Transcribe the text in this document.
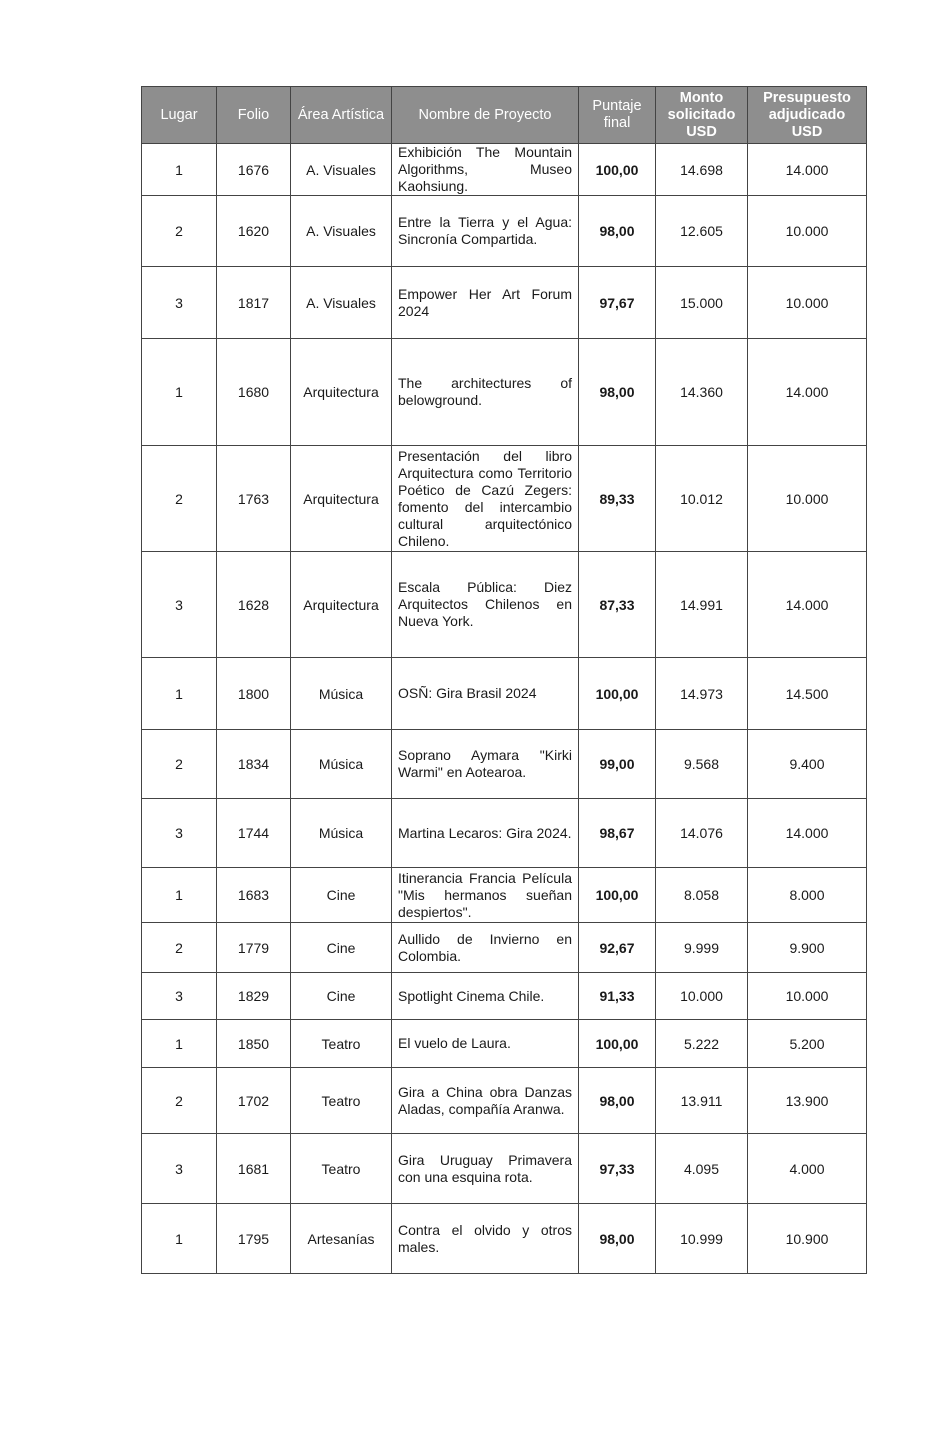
Lugar	Folio	Área Artística	Nombre de Proyecto	Puntaje final	Monto solicitado USD	Presupuesto adjudicado USD
1	1676	A. Visuales	Exhibición The Mountain Algorithms, Museo Kaohsiung.	100,00	14.698	14.000
2	1620	A. Visuales	Entre la Tierra y el Agua: Sincronía Compartida.	98,00	12.605	10.000
3	1817	A. Visuales	Empower Her Art Forum 2024	97,67	15.000	10.000
1	1680	Arquitectura	The architectures of belowground.	98,00	14.360	14.000
2	1763	Arquitectura	Presentación del libro Arquitectura como Territorio Poético de Cazú Zegers: fomento del intercambio cultural arquitectónico Chileno.	89,33	10.012	10.000
3	1628	Arquitectura	Escala Pública: Diez Arquitectos Chilenos en Nueva York.	87,33	14.991	14.000
1	1800	Música	OSÑ: Gira Brasil 2024	100,00	14.973	14.500
2	1834	Música	Soprano Aymara "Kirki Warmi" en Aotearoa.	99,00	9.568	9.400
3	1744	Música	Martina Lecaros: Gira 2024.	98,67	14.076	14.000
1	1683	Cine	Itinerancia Francia Película "Mis hermanos sueñan despiertos".	100,00	8.058	8.000
2	1779	Cine	Aullido de Invierno en Colombia.	92,67	9.999	9.900
3	1829	Cine	Spotlight Cinema Chile.	91,33	10.000	10.000
1	1850	Teatro	El vuelo de Laura.	100,00	5.222	5.200
2	1702	Teatro	Gira a China obra Danzas Aladas, compañía Aranwa.	98,00	13.911	13.900
3	1681	Teatro	Gira Uruguay Primavera con una esquina rota.	97,33	4.095	4.000
1	1795	Artesanías	Contra el olvido y otros males.	98,00	10.999	10.900
